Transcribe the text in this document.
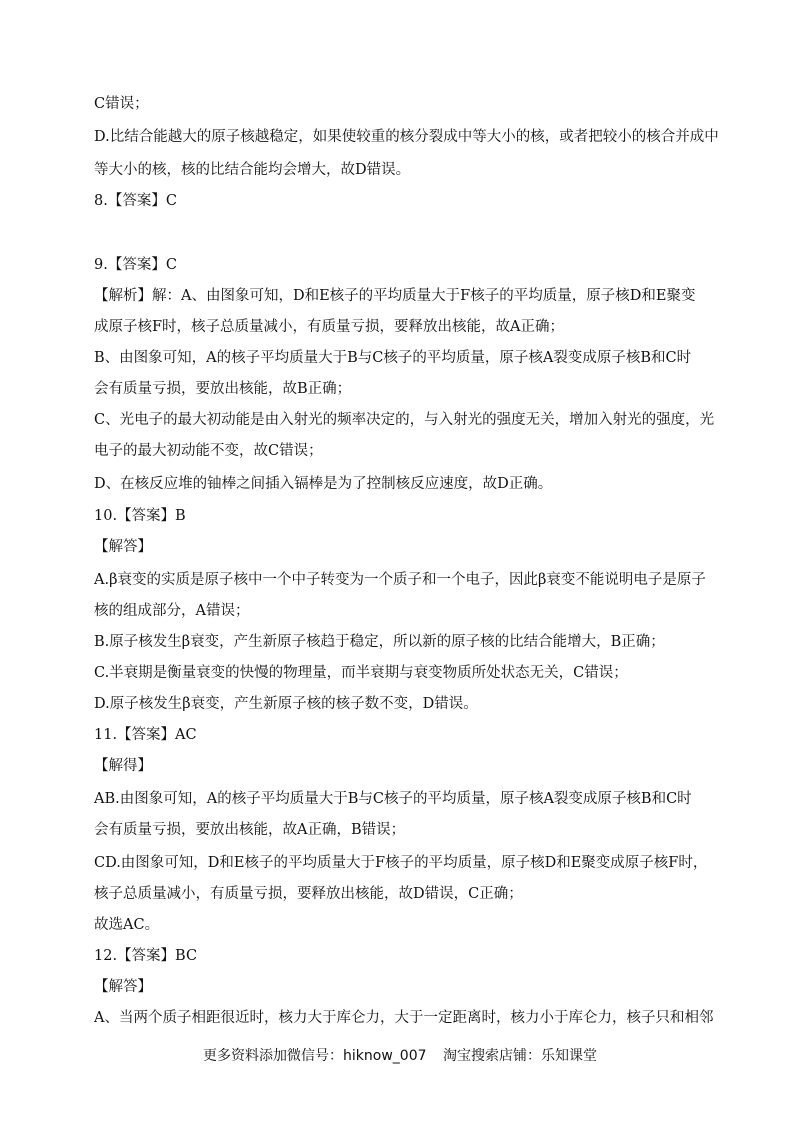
C错误；
D.比结合能越大的原子核越稳定，如果使较重的核分裂成中等大小的核，或者把较小的核合并成中
等大小的核，核的比结合能均会增大，故D错误。
8.【答案】C
9.【答案】C
【解析】解：A、由图象可知，D和E核子的平均质量大于F核子的平均质量，原子核D和E聚变
成原子核F时，核子总质量减小，有质量亏损，要释放出核能，故A正确；
B、由图象可知，A的核子平均质量大于B与C核子的平均质量，原子核A裂变成原子核B和C时
会有质量亏损，要放出核能，故B正确；
C、光电子的最大初动能是由入射光的频率决定的，与入射光的强度无关，增加入射光的强度，光
电子的最大初动能不变，故C错误；
D、在核反应堆的铀棒之间插入镉棒是为了控制核反应速度，故D正确。
10.【答案】B
【解答】
A.β衰变的实质是原子核中一个中子转变为一个质子和一个电子，因此β衰变不能说明电子是原子
核的组成部分，A错误；
B.原子核发生β衰变，产生新原子核趋于稳定，所以新的原子核的比结合能增大，B正确；
C.半衰期是衡量衰变的快慢的物理量，而半衰期与衰变物质所处状态无关，C错误；
D.原子核发生β衰变，产生新原子核的核子数不变，D错误。
11.【答案】AC
【解得】
AB.由图象可知，A的核子平均质量大于B与C核子的平均质量，原子核A裂变成原子核B和C时
会有质量亏损，要放出核能，故A正确，B错误；
CD.由图象可知，D和E核子的平均质量大于F核子的平均质量，原子核D和E聚变成原子核F时，
核子总质量减小，有质量亏损，要释放出核能，故D错误，C正确；
故选AC。
12.【答案】BC
【解答】
A、当两个质子相距很近时，核力大于库仑力，大于一定距离时，核力小于库仑力，核子只和相邻
更多资料添加微信号：hiknow_007 淘宝搜索店铺：乐知课堂
